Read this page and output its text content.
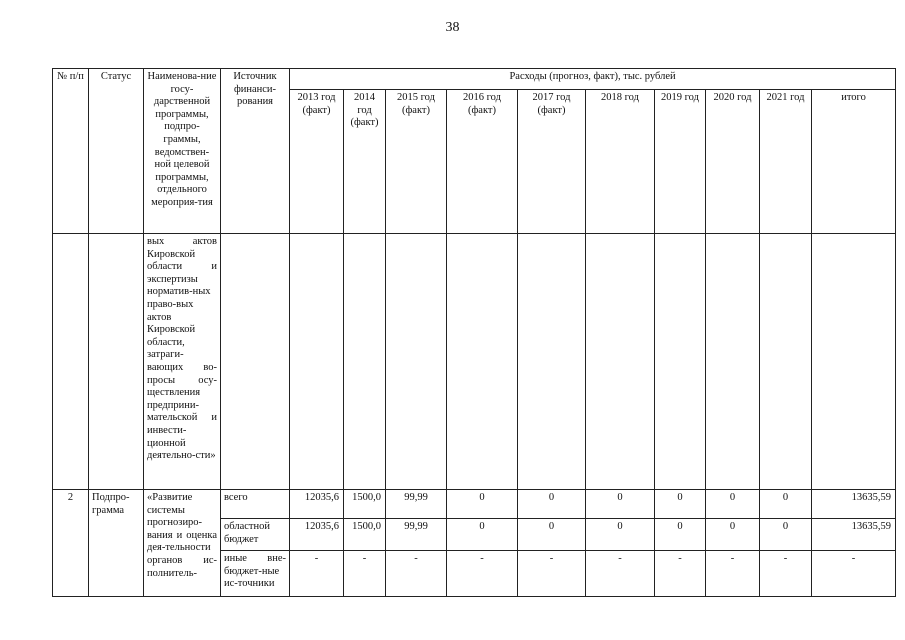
38
№ п/п	Статус	Наименова-ние госу-дарственной программы, подпро-граммы, ведомствен-ной целевой программы, отдельного мероприя-тия	Источник финанси-рования	Расходы (прогноз, факт), тыс. рублей									
				2013 год (факт)	2014 год (факт)	2015 год (факт)	2016 год (факт)	2017 год (факт)	2018 год	2019 год	2020 год	2021 год	итого
		вых актов Кировской области и экспертизы норматив-ных право-вых актов Кировской области, затраги-вающих во-просы осу-ществления предприни-мательской и инвести-ционной деятельно-сти»											
2	Подпро-грамма	«Развитие системы прогнозиро-вания и оценка дея-тельности органов ис-полнитель-	всего	12035,6	1500,0	99,99	0	0	0	0	0	0	13635,59
			областной бюджет	12035,6	1500,0	99,99	0	0	0	0	0	0	13635,59
			иные вне-бюджет-ные ис-точники	-	-	-	-	-	-	-	-	-	-
